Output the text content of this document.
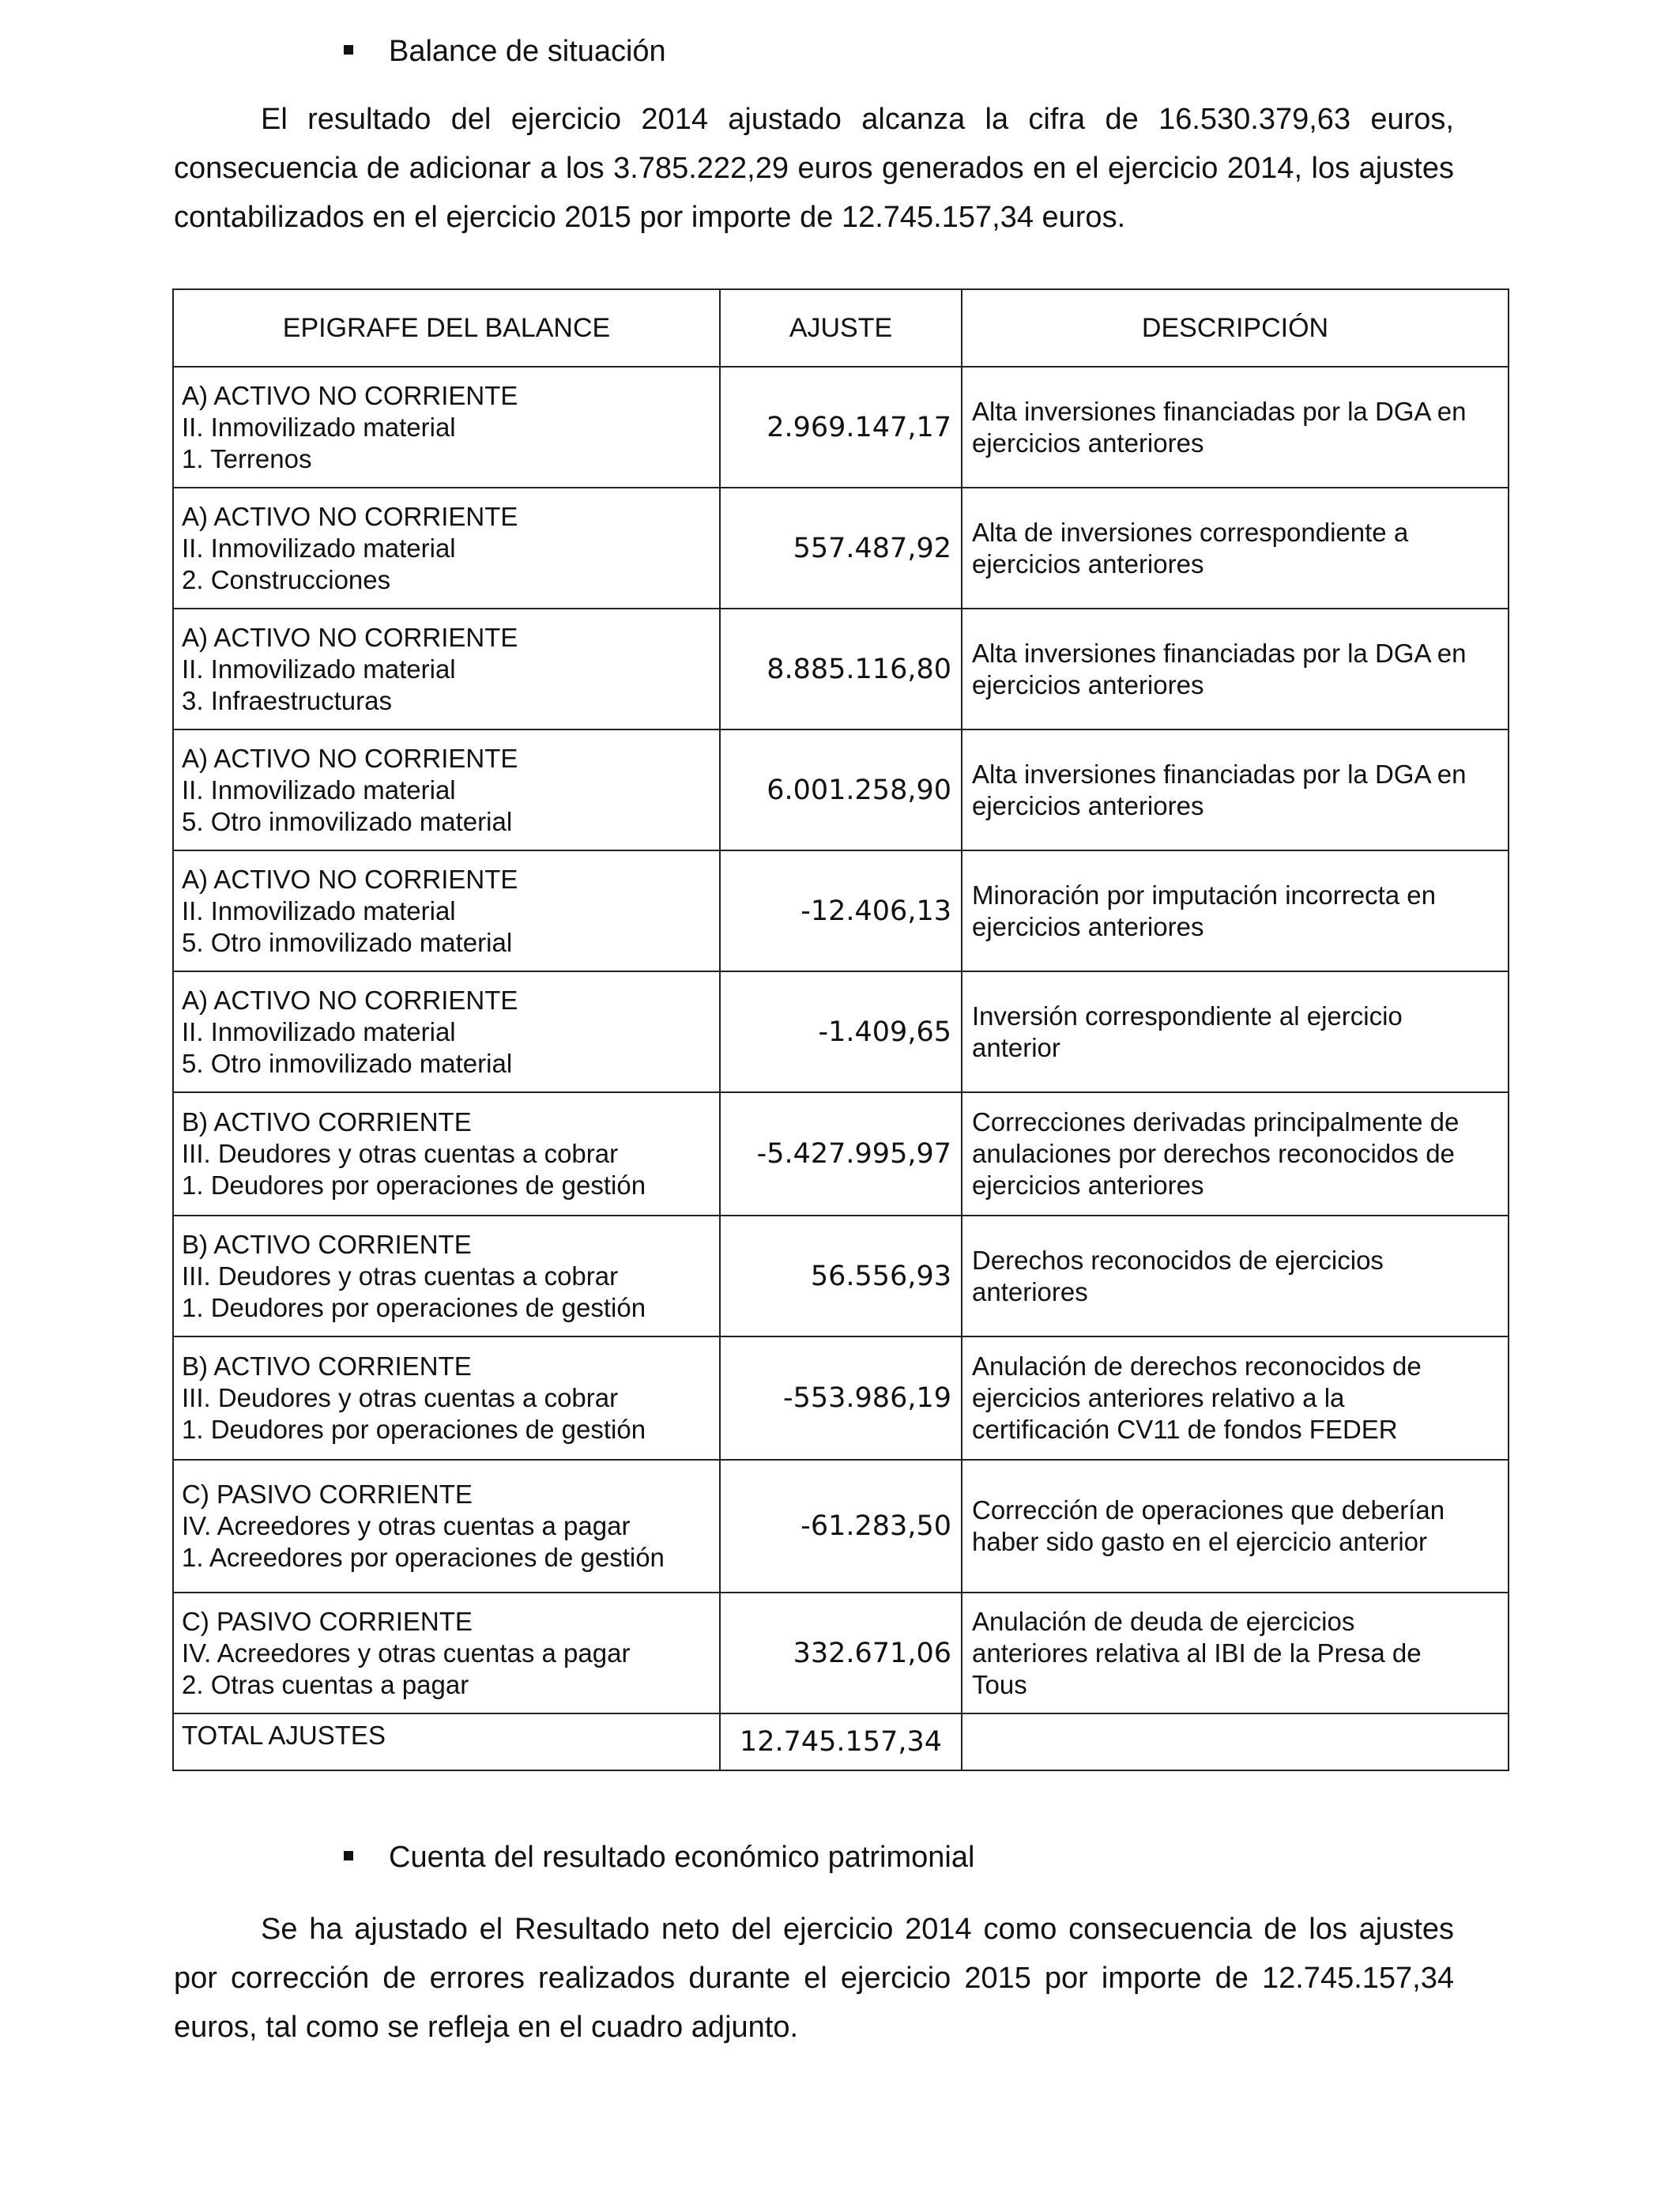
Balance de situación
El resultado del ejercicio 2014 ajustado alcanza la cifra de 16.530.379,63 euros, consecuencia de adicionar a los 3.785.222,29 euros generados en el ejercicio 2014, los ajustes contabilizados en el ejercicio 2015 por importe de 12.745.157,34 euros.
EPIGRAFE DEL BALANCE	AJUSTE	DESCRIPCIÓN

A) ACTIVO NO CORRIENTE
II. Inmovilizado material
1. Terrenos	2.969.147,17	Alta inversiones financiadas por la DGA en
ejercicios anteriores

A) ACTIVO NO CORRIENTE
II. Inmovilizado material
2. Construcciones	557.487,92	Alta de inversiones correspondiente a
ejercicios anteriores

A) ACTIVO NO CORRIENTE
II. Inmovilizado material
3. Infraestructuras	8.885.116,80	Alta inversiones financiadas por la DGA en
ejercicios anteriores

A) ACTIVO NO CORRIENTE
II. Inmovilizado material
5. Otro inmovilizado material	6.001.258,90	Alta inversiones financiadas por la DGA en
ejercicios anteriores

A) ACTIVO NO CORRIENTE
II. Inmovilizado material
5. Otro inmovilizado material	-12.406,13	Minoración por imputación incorrecta en
ejercicios anteriores

A) ACTIVO NO CORRIENTE
II. Inmovilizado material
5. Otro inmovilizado material	-1.409,65	Inversión correspondiente al ejercicio
anterior

B) ACTIVO CORRIENTE
III. Deudores y otras cuentas a cobrar
1. Deudores por operaciones de gestión	-5.427.995,97	Correcciones derivadas principalmente de
anulaciones por derechos reconocidos de
ejercicios anteriores

B) ACTIVO CORRIENTE
III. Deudores y otras cuentas a cobrar
1. Deudores por operaciones de gestión	56.556,93	Derechos reconocidos de ejercicios
anteriores

B) ACTIVO CORRIENTE
III. Deudores y otras cuentas a cobrar
1. Deudores por operaciones de gestión	-553.986,19	Anulación de derechos reconocidos de
ejercicios anteriores relativo a la
certificación CV11 de fondos FEDER

C) PASIVO CORRIENTE
IV. Acreedores y otras cuentas a pagar
1. Acreedores por operaciones de gestión	-61.283,50	Corrección de operaciones que deberían
haber sido gasto en el ejercicio anterior

C) PASIVO CORRIENTE
IV. Acreedores y otras cuentas a pagar
2. Otras cuentas a pagar	332.671,06	Anulación de deuda de ejercicios
anteriores relativa al IBI de la Presa de
Tous

TOTAL AJUSTES	12.745.157,34	
Cuenta del resultado económico patrimonial
Se ha ajustado el Resultado neto del ejercicio 2014 como consecuencia de los ajustes por corrección de errores realizados durante el ejercicio 2015 por importe de 12.745.157,34 euros, tal como se refleja en el cuadro adjunto.
